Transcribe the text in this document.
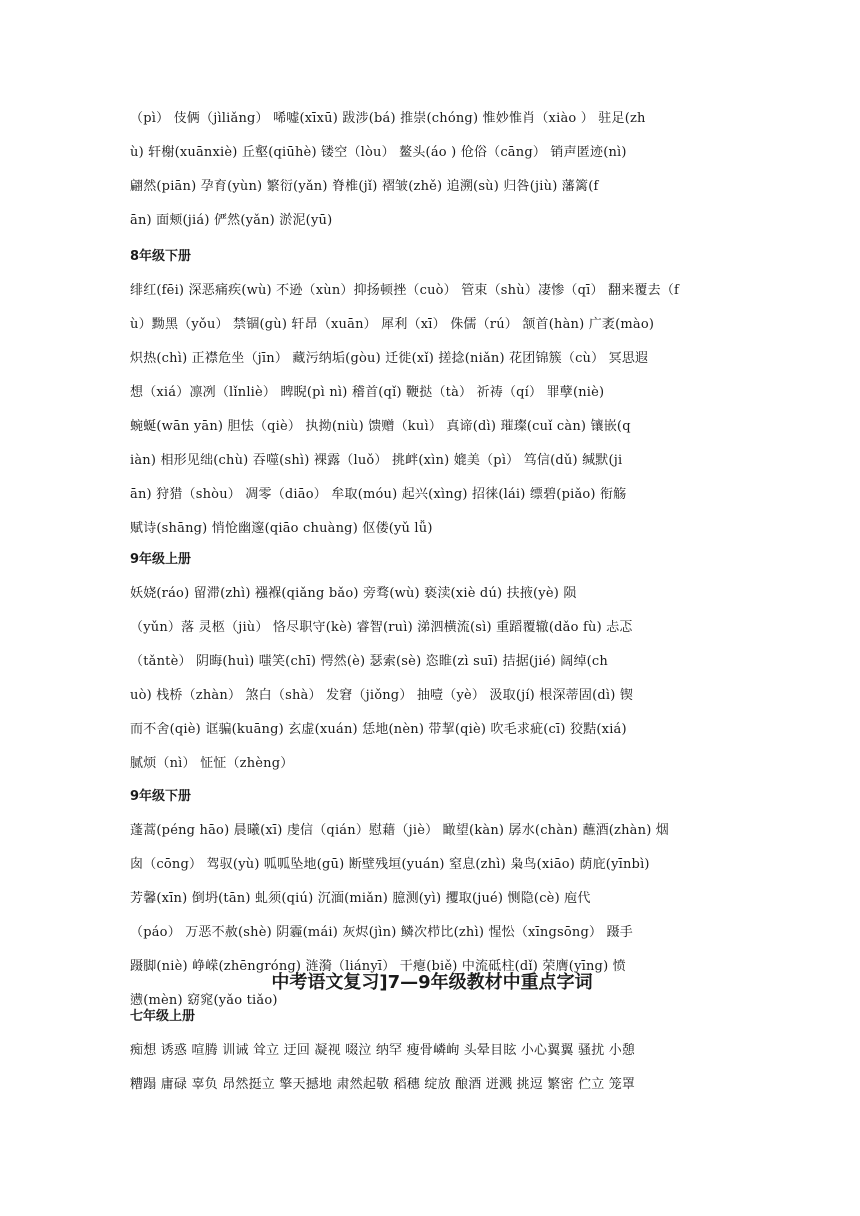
（pì） 伎俩（jìliǎng） 唏嘘(xīxū) 跋涉(bá) 推崇(chóng) 惟妙惟肖（xiào ） 驻足(zh
ù) 轩榭(xuānxiè) 丘壑(qiūhè) 镂空（lòu） 鳌头(áo ) 伧俗（cāng） 销声匿迹(nì)
翩然(piān) 孕育(yùn) 繁衍(yǎn) 脊椎(jǐ) 褶皱(zhě) 追溯(sù) 归咎(jiù) 藩篱(f
ān) 面颊(jiá) 俨然(yǎn) 淤泥(yū)
8年级下册
绯红(fēi) 深恶痛疾(wù) 不逊（xùn）抑扬顿挫（cuò） 管束（shù）凄惨（qī） 翻来覆去（f
ù）黝黑（yǒu） 禁锢(gù) 轩昂（xuān） 犀利（xī） 侏儒（rú） 颔首(hàn) 广袤(mào)
炽热(chì) 正襟危坐（jīn） 藏污纳垢(gòu) 迁徙(xǐ) 搓捻(niǎn) 花团锦簇（cù） 冥思遐
想（xiá）凛冽（lǐnliè） 睥睨(pì nì) 稽首(qǐ) 鞭挞（tà） 祈祷（qí） 罪孽(niè)
蜿蜒(wān yān) 胆怯（qiè） 执拗(niù) 馈赠（kuì） 真谛(dì) 璀璨(cuǐ càn) 镶嵌(q
iàn) 相形见绌(chù) 吞噬(shì) 裸露（luǒ） 挑衅(xìn) 媲美（pì） 笃信(dǔ) 缄默(ji
ān) 狩猎（shòu） 凋零（diāo） 牟取(móu) 起兴(xìng) 招徕(lái) 缥碧(piǎo) 衔觞
赋诗(shāng) 悄怆幽邃(qiāo chuàng) 伛偻(yǔ lǚ)
9年级上册
妖娆(ráo) 留滞(zhì) 襁褓(qiǎng bǎo) 旁骛(wù) 亵渎(xiè dú) 扶掖(yè) 陨
（yǔn）落 灵柩（jiù） 恪尽职守(kè) 睿智(ruì) 涕泗横流(sì) 重蹈覆辙(dǎo fù) 忐忑
（tǎntè） 阴晦(huì) 嗤笑(chī) 愕然(è) 瑟索(sè) 恣睢(zì suī) 拮据(jié) 阔绰(ch
uò) 栈桥（zhàn） 煞白（shà） 发窘（jiǒng） 抽噎（yè） 汲取(jí) 根深蒂固(dì) 锲
而不舍(qiè) 诓骗(kuāng) 玄虚(xuán) 恁地(nèn) 带挈(qiè) 吹毛求疵(cī) 狡黠(xiá)
腻烦（nì） 怔怔（zhèng）
9年级下册
蓬蒿(péng hāo) 晨曦(xī) 虔信（qián）慰藉（jiè） 瞰望(kàn) 孱水(chàn) 蘸酒(zhàn) 烟
囱（cōng） 驾驭(yù) 呱呱坠地(gū) 断壁残垣(yuán) 窒息(zhì) 枭鸟(xiāo) 荫庇(yīnbì)
芳馨(xīn) 倒坍(tān) 虬须(qiú) 沉湎(miǎn) 臆测(yì) 攫取(jué) 恻隐(cè) 庖代
（páo） 万恶不赦(shè) 阴霾(mái) 灰烬(jìn) 鳞次栉比(zhì) 惺忪（xīngsōng） 蹑手
蹑脚(niè) 峥嵘(zhēngróng) 涟漪（liányī） 干瘪(biě) 中流砥柱(dǐ) 荣膺(yīng) 愤
懑(mèn) 窈窕(yǎo tiǎo)
中考语文复习]7—9年级教材中重点字词
七年级上册
痴想 诱惑 喧腾 训诫 耸立 迂回 凝视 啜泣 纳罕 瘦骨嶙峋 头晕目眩 小心翼翼 骚扰 小憩
糟蹋 庸碌 辜负 昂然挺立 擎天撼地 肃然起敬 稻穗 绽放 酿酒 迸溅 挑逗 繁密 伫立 笼罩
